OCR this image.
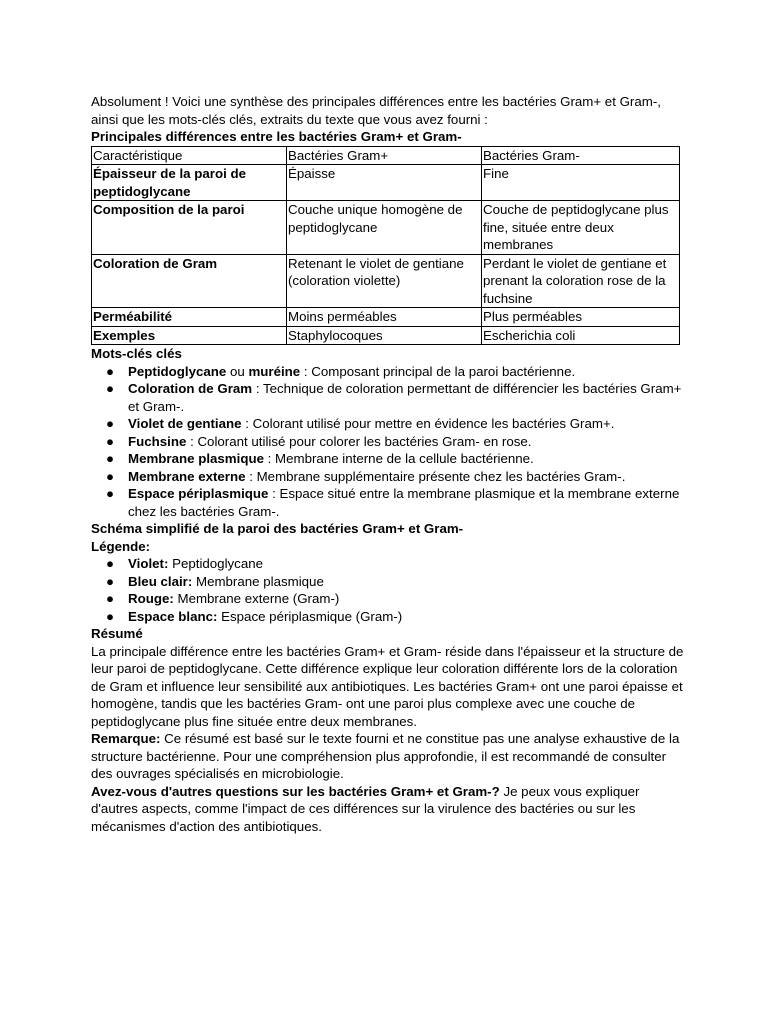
Absolument ! Voici une synthèse des principales différences entre les bactéries Gram+ et Gram-, ainsi que les mots-clés clés, extraits du texte que vous avez fourni :

Principales différences entre les bactéries Gram+ et Gram-

Caractéristique	Bactéries Gram+	Bactéries Gram-
Épaisseur de la paroi de peptidoglycane	Épaisse	Fine
Composition de la paroi	Couche unique homogène de peptidoglycane	Couche de peptidoglycane plus fine, située entre deux membranes
Coloration de Gram	Retenant le violet de gentiane (coloration violette)	Perdant le violet de gentiane et prenant la coloration rose de la fuchsine
Perméabilité	Moins perméables	Plus perméables
Exemples	Staphylocoques	Escherichia coli

Mots-clés clés

● Peptidoglycane ou muréine : Composant principal de la paroi bactérienne.
● Coloration de Gram : Technique de coloration permettant de différencier les bactéries Gram+ et Gram-.
● Violet de gentiane : Colorant utilisé pour mettre en évidence les bactéries Gram+.
● Fuchsine : Colorant utilisé pour colorer les bactéries Gram- en rose.
● Membrane plasmique : Membrane interne de la cellule bactérienne.
● Membrane externe : Membrane supplémentaire présente chez les bactéries Gram-.
● Espace périplasmique : Espace situé entre la membrane plasmique et la membrane externe chez les bactéries Gram-.

Schéma simplifié de la paroi des bactéries Gram+ et Gram-

Légende:

● Violet: Peptidoglycane
● Bleu clair: Membrane plasmique
● Rouge: Membrane externe (Gram-)
● Espace blanc: Espace périplasmique (Gram-)

Résumé

La principale différence entre les bactéries Gram+ et Gram- réside dans l'épaisseur et la structure de leur paroi de peptidoglycane. Cette différence explique leur coloration différente lors de la coloration de Gram et influence leur sensibilité aux antibiotiques. Les bactéries Gram+ ont une paroi épaisse et homogène, tandis que les bactéries Gram- ont une paroi plus complexe avec une couche de peptidoglycane plus fine située entre deux membranes.

Remarque: Ce résumé est basé sur le texte fourni et ne constitue pas une analyse exhaustive de la structure bactérienne. Pour une compréhension plus approfondie, il est recommandé de consulter des ouvrages spécialisés en microbiologie.

Avez-vous d'autres questions sur les bactéries Gram+ et Gram-? Je peux vous expliquer d'autres aspects, comme l'impact de ces différences sur la virulence des bactéries ou sur les mécanismes d'action des antibiotiques.
